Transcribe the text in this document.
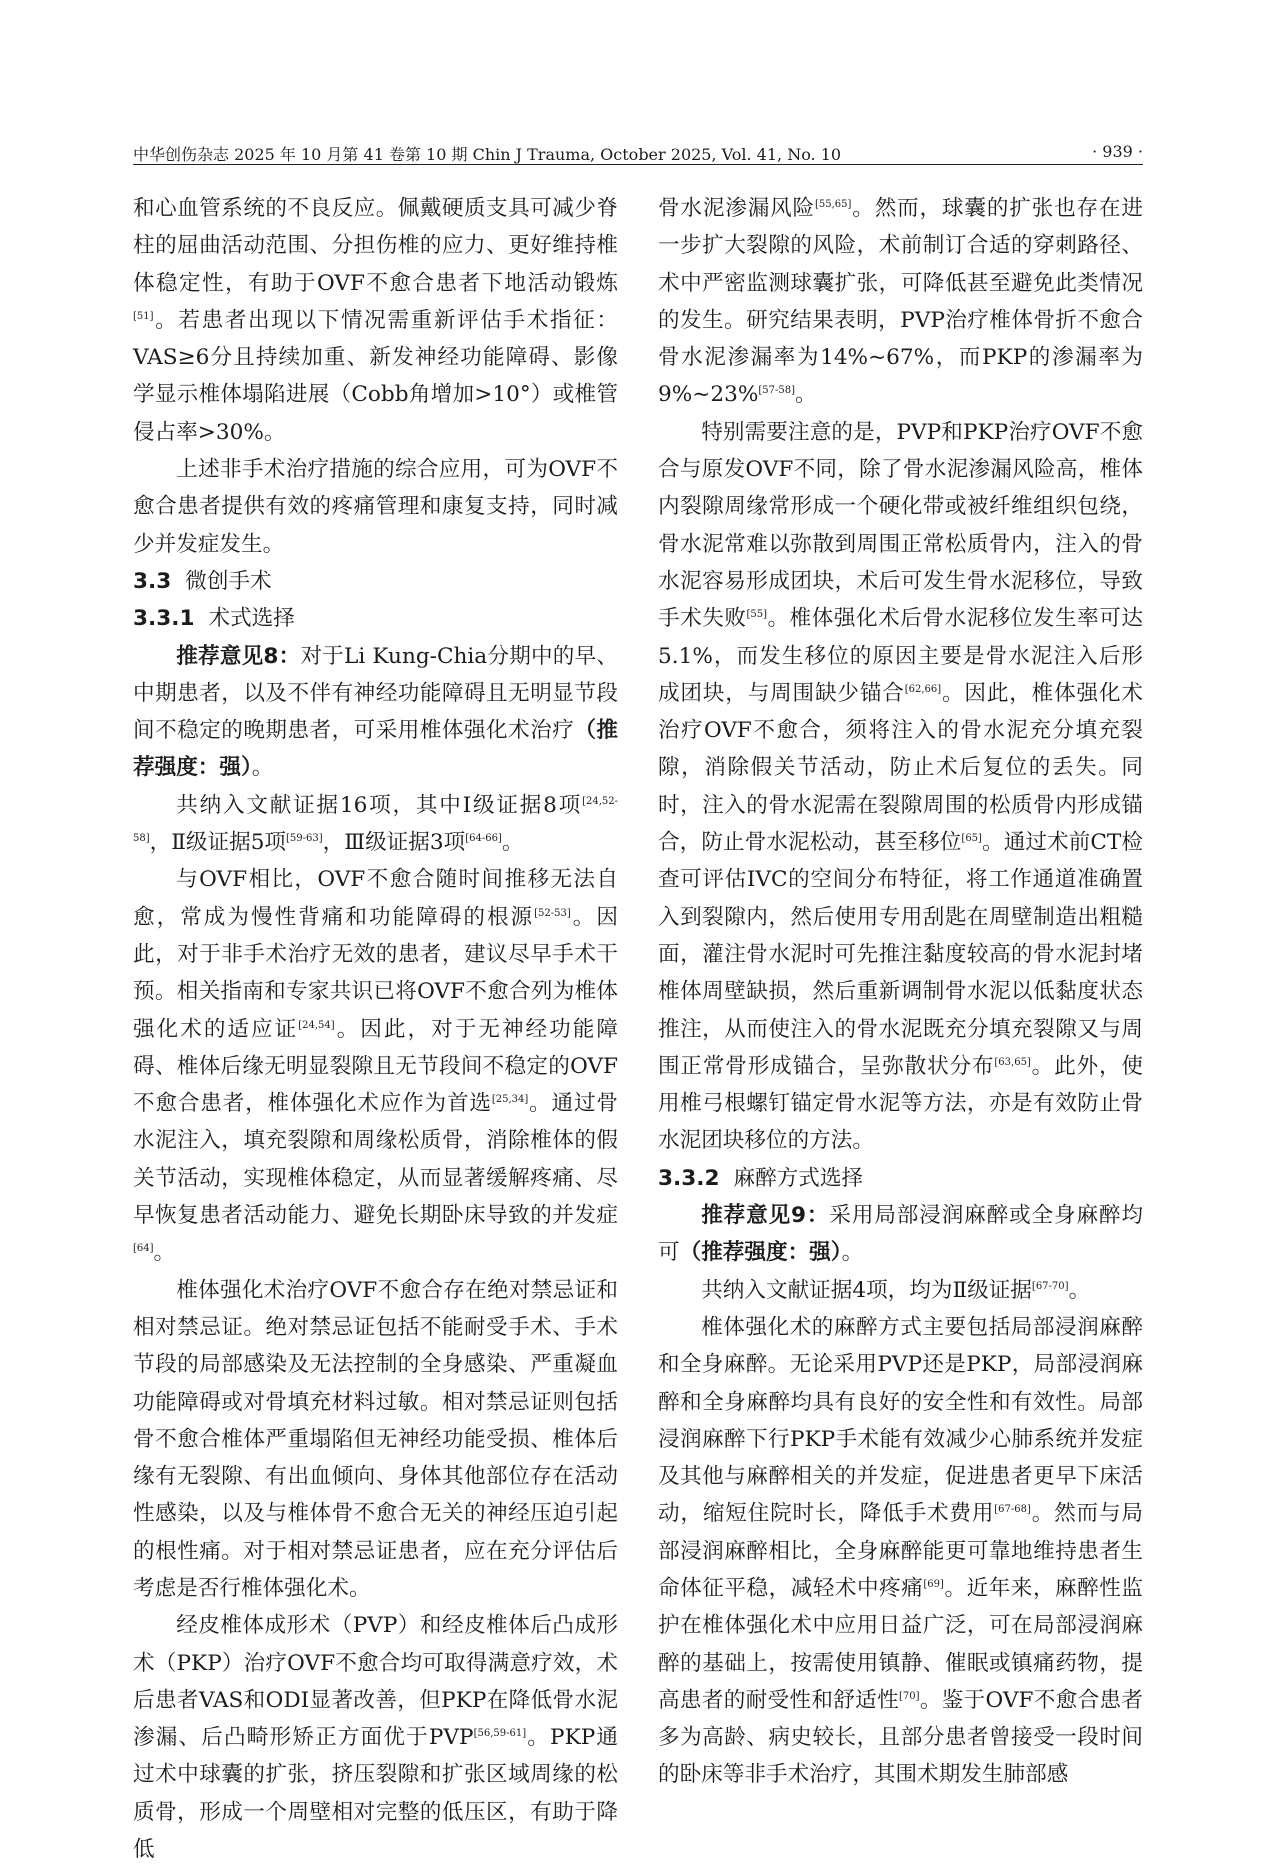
中华创伤杂志 2025 年 10 月第 41 卷第 10 期 Chin J Trauma, October 2025, Vol. 41, No. 10	· 939 ·

和心血管系统的不良反应。佩戴硬质支具可减少脊柱的屈曲活动范围、分担伤椎的应力、更好维持椎体稳定性，有助于OVF不愈合患者下地活动锻炼[51]。若患者出现以下情况需重新评估手术指征：VAS≥6分且持续加重、新发神经功能障碍、影像学显示椎体塌陷进展（Cobb角增加>10°）或椎管侵占率>30%。

上述非手术治疗措施的综合应用，可为OVF不愈合患者提供有效的疼痛管理和康复支持，同时减少并发症发生。

3.3 微创手术

3.3.1 术式选择

推荐意见8：对于Li Kung-Chia分期中的早、中期患者，以及不伴有神经功能障碍且无明显节段间不稳定的晚期患者，可采用椎体强化术治疗（推荐强度：强）。

共纳入文献证据16项，其中Ⅰ级证据8项[24,52-58]，Ⅱ级证据5项[59-63]，Ⅲ级证据3项[64-66]。

与OVF相比，OVF不愈合随时间推移无法自愈，常成为慢性背痛和功能障碍的根源[52-53]。因此，对于非手术治疗无效的患者，建议尽早手术干预。相关指南和专家共识已将OVF不愈合列为椎体强化术的适应证[24,54]。因此，对于无神经功能障碍、椎体后缘无明显裂隙且无节段间不稳定的OVF不愈合患者，椎体强化术应作为首选[25,34]。通过骨水泥注入，填充裂隙和周缘松质骨，消除椎体的假关节活动，实现椎体稳定，从而显著缓解疼痛、尽早恢复患者活动能力、避免长期卧床导致的并发症[64]。

椎体强化术治疗OVF不愈合存在绝对禁忌证和相对禁忌证。绝对禁忌证包括不能耐受手术、手术节段的局部感染及无法控制的全身感染、严重凝血功能障碍或对骨填充材料过敏。相对禁忌证则包括骨不愈合椎体严重塌陷但无神经功能受损、椎体后缘有无裂隙、有出血倾向、身体其他部位存在活动性感染，以及与椎体骨不愈合无关的神经压迫引起的根性痛。对于相对禁忌证患者，应在充分评估后考虑是否行椎体强化术。

经皮椎体成形术（PVP）和经皮椎体后凸成形术（PKP）治疗OVF不愈合均可取得满意疗效，术后患者VAS和ODI显著改善，但PKP在降低骨水泥渗漏、后凸畸形矫正方面优于PVP[56,59-61]。PKP通过术中球囊的扩张，挤压裂隙和扩张区域周缘的松质骨，形成一个周壁相对完整的低压区，有助于降低

骨水泥渗漏风险[55,65]。然而，球囊的扩张也存在进一步扩大裂隙的风险，术前制订合适的穿刺路径、术中严密监测球囊扩张，可降低甚至避免此类情况的发生。研究结果表明，PVP治疗椎体骨折不愈合骨水泥渗漏率为14%~67%，而PKP的渗漏率为9%~23%[57-58]。

特别需要注意的是，PVP和PKP治疗OVF不愈合与原发OVF不同，除了骨水泥渗漏风险高，椎体内裂隙周缘常形成一个硬化带或被纤维组织包绕，骨水泥常难以弥散到周围正常松质骨内，注入的骨水泥容易形成团块，术后可发生骨水泥移位，导致手术失败[55]。椎体强化术后骨水泥移位发生率可达5.1%，而发生移位的原因主要是骨水泥注入后形成团块，与周围缺少锚合[62,66]。因此，椎体强化术治疗OVF不愈合，须将注入的骨水泥充分填充裂隙，消除假关节活动，防止术后复位的丢失。同时，注入的骨水泥需在裂隙周围的松质骨内形成锚合，防止骨水泥松动，甚至移位[65]。通过术前CT检查可评估IVC的空间分布特征，将工作通道准确置入到裂隙内，然后使用专用刮匙在周壁制造出粗糙面，灌注骨水泥时可先推注黏度较高的骨水泥封堵椎体周壁缺损，然后重新调制骨水泥以低黏度状态推注，从而使注入的骨水泥既充分填充裂隙又与周围正常骨形成锚合，呈弥散状分布[63,65]。此外，使用椎弓根螺钉锚定骨水泥等方法，亦是有效防止骨水泥团块移位的方法。

3.3.2 麻醉方式选择

推荐意见9：采用局部浸润麻醉或全身麻醉均可（推荐强度：强）。

共纳入文献证据4项，均为Ⅱ级证据[67-70]。

椎体强化术的麻醉方式主要包括局部浸润麻醉和全身麻醉。无论采用PVP还是PKP，局部浸润麻醉和全身麻醉均具有良好的安全性和有效性。局部浸润麻醉下行PKP手术能有效减少心肺系统并发症及其他与麻醉相关的并发症，促进患者更早下床活动，缩短住院时长，降低手术费用[67-68]。然而与局部浸润麻醉相比，全身麻醉能更可靠地维持患者生命体征平稳，减轻术中疼痛[69]。近年来，麻醉性监护在椎体强化术中应用日益广泛，可在局部浸润麻醉的基础上，按需使用镇静、催眠或镇痛药物，提高患者的耐受性和舒适性[70]。鉴于OVF不愈合患者多为高龄、病史较长，且部分患者曾接受一段时间的卧床等非手术治疗，其围术期发生肺部感
